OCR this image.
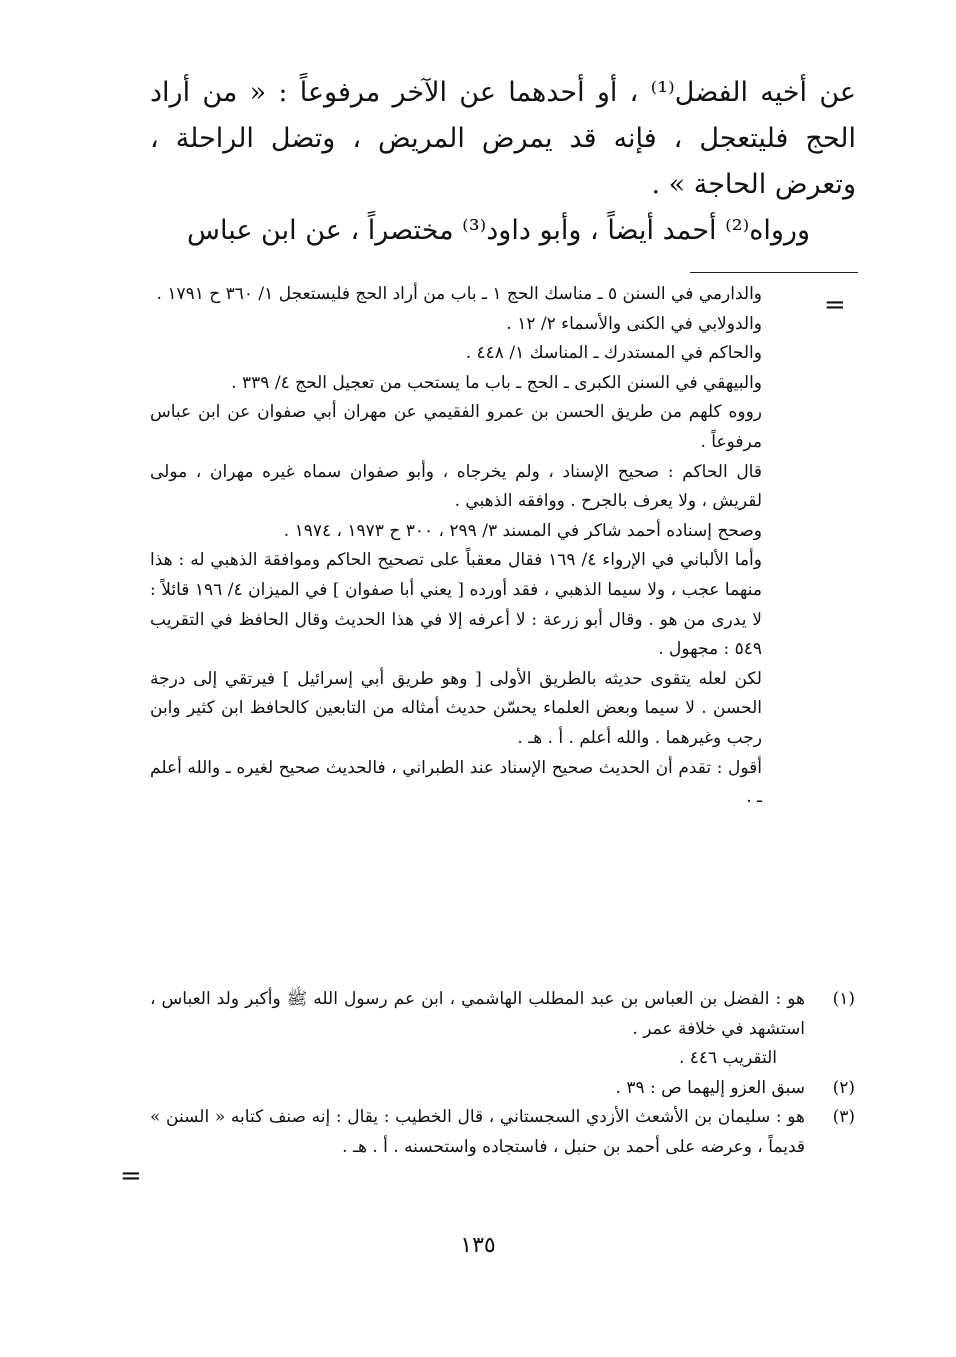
عن أخيه الفضل⁽¹⁾ ، أو أحدهما عن الآخر مرفوعاً : « من أراد الحج فليتعجل ، فإنه قد يمرض المريض ، وتضل الراحلة ، وتعرض الحاجة » .

ورواه⁽²⁾ أحمد أيضاً ، وأبو داود⁽³⁾ مختصراً ، عن ابن عباس

=

والدارمي في السنن ٥ ـ مناسك الحج ١ ـ باب من أراد الحج فليستعجل ١/ ٣٦٠ ح ١٧٩١ .

والدولابي في الكنى والأسماء ٢/ ١٢ .

والحاكم في المستدرك ـ المناسك ١/ ٤٤٨ .

والبيهقي في السنن الكبرى ـ الحج ـ باب ما يستحب من تعجيل الحج ٤/ ٣٣٩ .

رووه كلهم من طريق الحسن بن عمرو الفقيمي عن مهران أبي صفوان عن ابن عباس مرفوعاً .

قال الحاكم : صحيح الإسناد ، ولم يخرجاه ، وأبو صفوان سماه غيره مهران ، مولى لقريش ، ولا يعرف بالجرح . ووافقه الذهبي .

وصحح إسناده أحمد شاكر في المسند ٣/ ٢٩٩ ، ٣٠٠ ح ١٩٧٣ ، ١٩٧٤ .

وأما الألباني في الإرواء ٤/ ١٦٩ فقال معقباً على تصحيح الحاكم وموافقة الذهبي له : هذا منهما عجب ، ولا سيما الذهبي ، فقد أورده [ يعني أبا صفوان ] في الميزان ٤/ ١٩٦ قائلاً : لا يدرى من هو . وقال أبو زرعة : لا أعرفه إلا في هذا الحديث وقال الحافظ في التقريب ٥٤٩ : مجهول .

لكن لعله يتقوى حديثه بالطريق الأولى [ وهو طريق أبي إسرائيل ] فيرتقي إلى درجة الحسن . لا سيما وبعض العلماء يحسّن حديث أمثاله من التابعين كالحافظ ابن كثير وابن رجب وغيرهما . والله أعلم . أ . هـ .

أقول : تقدم أن الحديث صحيح الإسناد عند الطبراني ، فالحديث صحيح لغيره ـ والله أعلم ـ .

(١)

هو : الفضل بن العباس بن عبد المطلب الهاشمي ، ابن عم رسول الله ﷺ وأكبر ولد العباس ، استشهد في خلافة عمر .

التقريب ٤٤٦ .

(٢)

سبق العزو إليهما ص : ٣٩ .

(٣)

هو : سليمان بن الأشعث الأزدي السجستاني ، قال الخطيب : يقال : إنه صنف كتابه « السنن » قديماً ، وعرضه على أحمد بن حنبل ، فاستجاده واستحسنه . أ . هـ .

=
١٣٥
